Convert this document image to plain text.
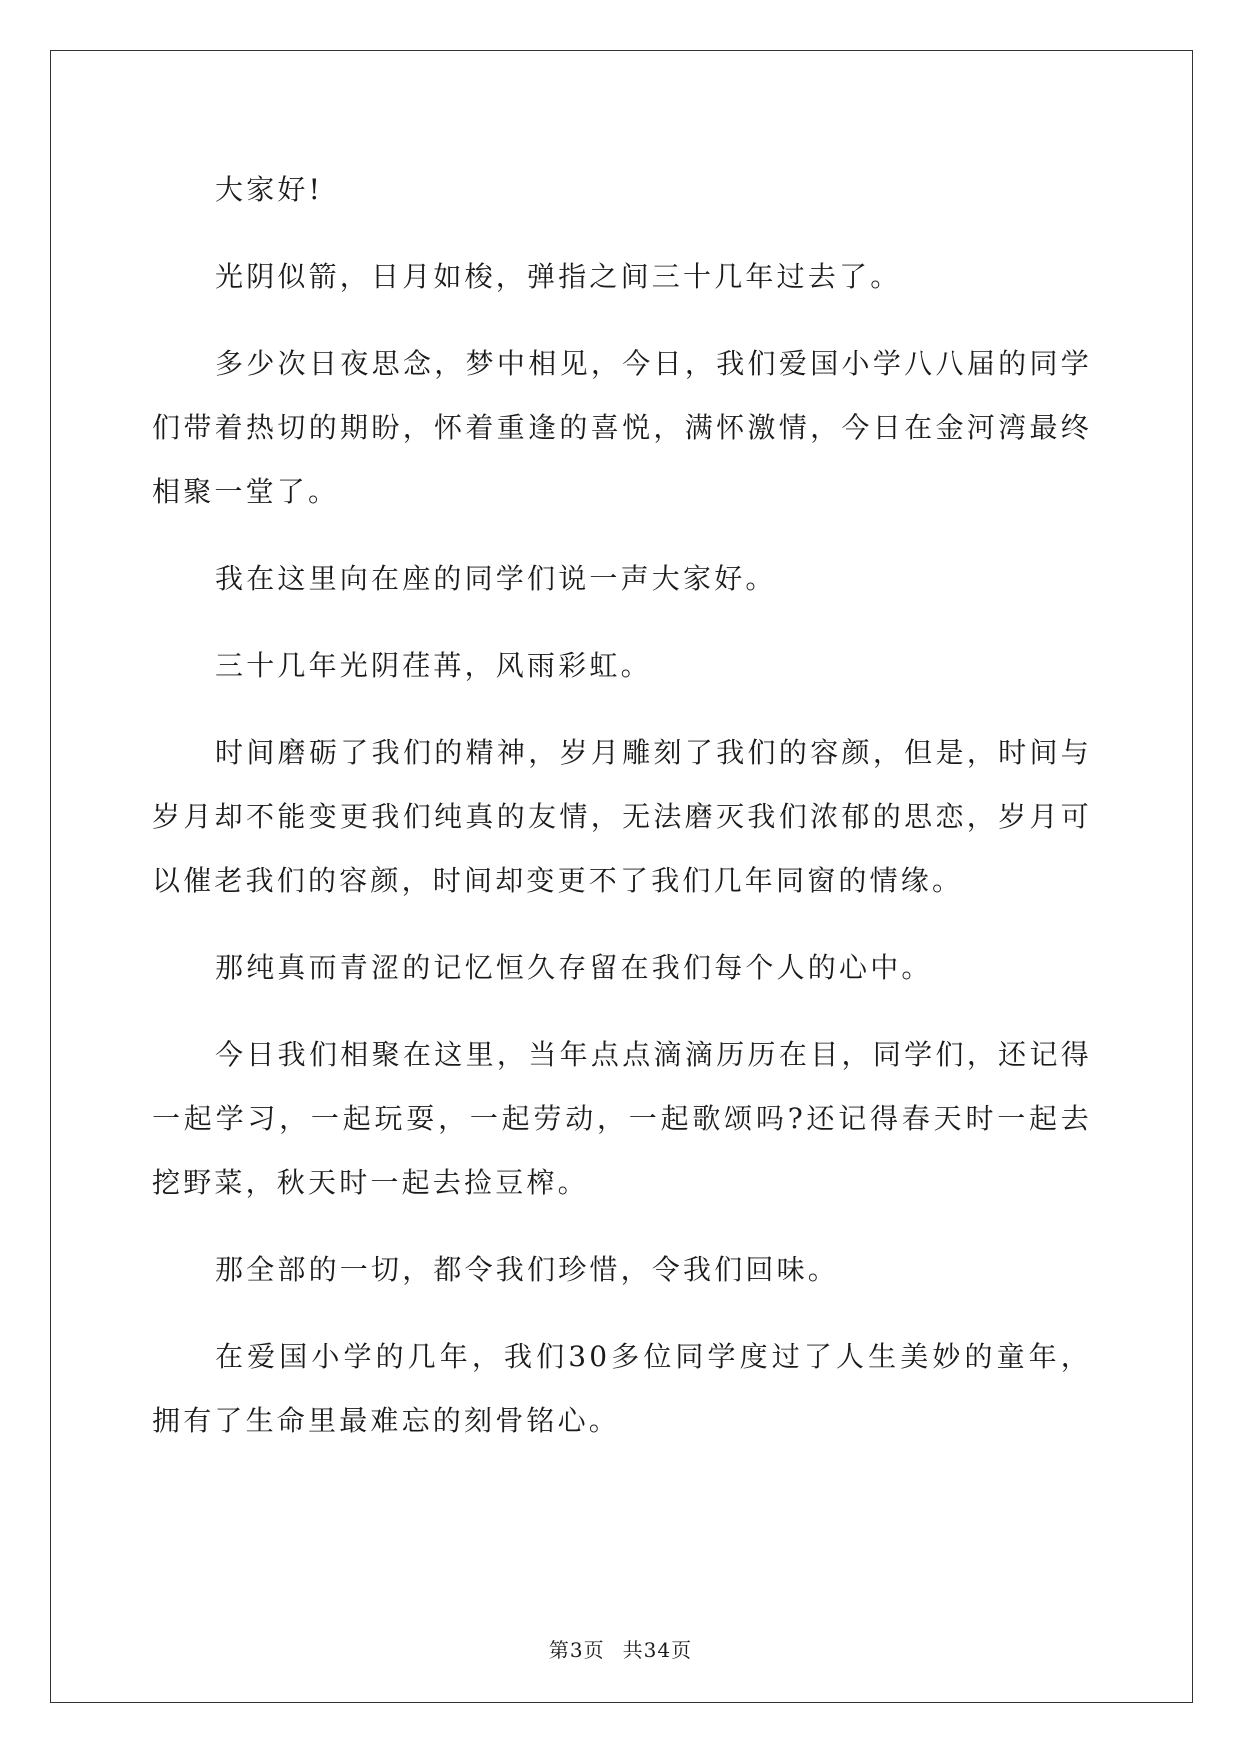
大家好!

光阴似箭，日月如梭，弹指之间三十几年过去了。

多少次日夜思念，梦中相见，今日，我们爱国小学八八届的同学们带着热切的期盼，怀着重逢的喜悦，满怀激情，今日在金河湾最终相聚一堂了。

我在这里向在座的同学们说一声大家好。

三十几年光阴荏苒，风雨彩虹。

时间磨砺了我们的精神，岁月雕刻了我们的容颜，但是，时间与岁月却不能变更我们纯真的友情，无法磨灭我们浓郁的思恋，岁月可以催老我们的容颜，时间却变更不了我们几年同窗的情缘。

那纯真而青涩的记忆恒久存留在我们每个人的心中。

今日我们相聚在这里，当年点点滴滴历历在目，同学们，还记得一起学习，一起玩耍，一起劳动，一起歌颂吗?还记得春天时一起去挖野菜，秋天时一起去捡豆榨。

那全部的一切，都令我们珍惜，令我们回味。

在爱国小学的几年，我们30多位同学度过了人生美妙的童年，拥有了生命里最难忘的刻骨铭心。

第3页 共34页
